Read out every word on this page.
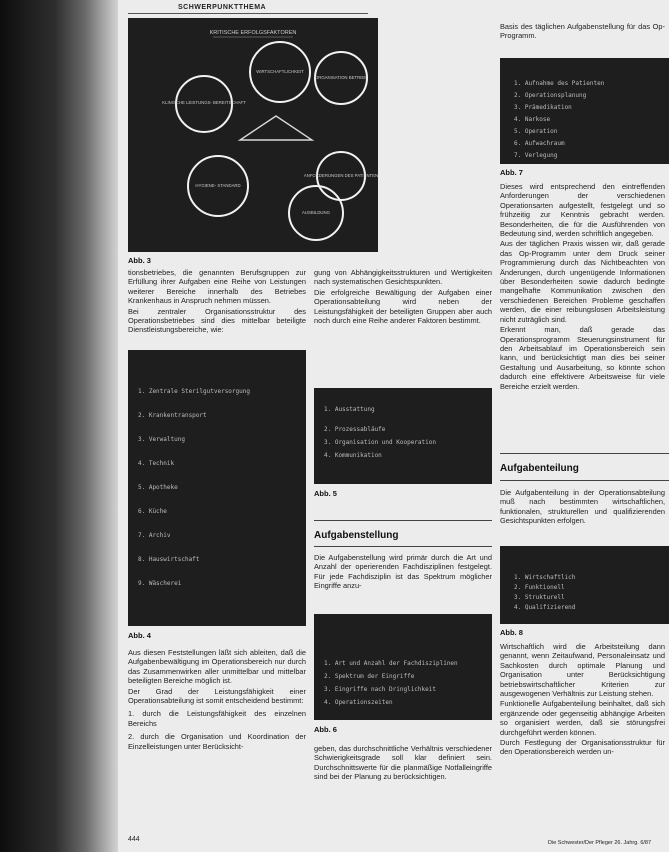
SCHWERPUNKTTHEMA
KRITISCHE ERFOLGSFAKTOREN
KLINISCHE LEISTUNGS- BEREITSCHAFT
WIRTSCHAFTLICHKEIT
ORGANISATION BETRIEB
ANFORDERUNGEN DES PATIENTEN
HYGIENE- STANDARD
AUSBILDUNG
Abb. 3

tionsbetriebes, die genannten Berufsgruppen zur Erfüllung ihrer Aufgaben eine Reihe von Leistungen weiterer Bereiche innerhalb des Betriebes Krankenhaus in Anspruch nehmen müssen.

Bei zentraler Organisationsstruktur des Operationsbetriebes sind dies mittelbar beteiligte Dienstleistungsbereiche, wie:

gung von Abhängigkeitsstrukturen und Wertigkeiten nach systematischen Gesichtspunkten.

Die erfolgreiche Bewältigung der Aufgaben einer Operationsabteilung wird neben der Leistungsfähigkeit der beteiligten Gruppen aber auch noch durch eine Reihe anderer Faktoren bestimmt.

1. Zentrale Sterilgutversorgung
2. Krankentransport
3. Verwaltung
4. Technik
5. Apotheke
6. Küche
7. Archiv
8. Hauswirtschaft
9. Wäscherei
Abb. 4
1. Ausstattung
2. Prozessabläufe
3. Organisation und Kooperation
4. Kommunikation
Abb. 5
Aufgabenstellung

Die Aufgabenstellung wird primär durch die Art und Anzahl der operierenden Fachdisziplinen festgelegt. Für jede Fachdisziplin ist das Spektrum möglicher Eingriffe anzu-

Aus diesen Feststellungen läßt sich ableiten, daß die Aufgabenbewältigung im Operationsbereich nur durch das Zusammenwirken aller unmittelbar und mittelbar beteiligten Bereiche möglich ist.

Der Grad der Leistungsfähigkeit einer Operationsabteilung ist somit entscheidend bestimmt:

1. durch die Leistungsfähigkeit des einzelnen Bereichs

2. durch die Organisation und Koordination der Einzelleistungen unter Berücksicht-

1. Art und Anzahl der Fachdisziplinen
2. Spektrum der Eingriffe
3. Eingriffe nach Dringlichkeit
4. Operationszeiten
Abb. 6

geben, das durchschnittliche Verhältnis verschiedener Schwierigkeitsgrade soll klar definiert sein. Durchschnittswerte für die planmäßige Notfalleingriffe sind bei der Planung zu berücksichtigen.

Basis des täglichen Aufgabenstellung für das Op-Programm.

1. Aufnahme des Patienten
2. Operationsplanung
3. Prämedikation
4. Narkose
5. Operation
6. Aufwachraum
7. Verlegung
Abb. 7

Dieses wird entsprechend den eintreffenden Anforderungen der verschiedenen Operationsarten aufgestellt, festgelegt und so frühzeitig zur Kenntnis gebracht werden. Besonderheiten, die für die Ausführenden von Bedeutung sind, werden schriftlich angegeben.

Aus der täglichen Praxis wissen wir, daß gerade das Op-Programm unter dem Druck seiner Programmierung durch das Nichtbeachten von Änderungen, durch ungenügende Informationen über Besonderheiten sowie dadurch bedingte mangelhafte Kommunikation zwischen den verschiedenen Bereichen Probleme geschaffen werden, die einer reibungslosen Arbeitsleistung nicht zuträglich sind.

Erkennt man, daß gerade das Operationsprogramm Steuerungsinstrument für den Arbeitsablauf im Operationsbereich sein kann, und berücksichtigt man dies bei seiner Gestaltung und Ausarbeitung, so könnte schon dadurch eine effektivere Arbeitsweise für viele Bereiche erzielt werden.

Aufgabenteilung

Die Aufgabenteilung in der Operationsabteilung muß nach bestimmten wirtschaftlichen, funktionalen, strukturellen und qualifizierenden Gesichtspunkten erfolgen.

1. Wirtschaftlich
2. Funktionell
3. Strukturell
4. Qualifizierend
Abb. 8

Wirtschaftlich wird die Arbeitsteilung dann genannt, wenn Zeitaufwand, Personaleinsatz und Sachkosten durch optimale Planung und Organisation unter Berücksichtigung betriebswirtschaftlicher Kriterien zur ausgewogenen Verhältnis zur Leistung stehen.

Funktionelle Aufgabenteilung beinhaltet, daß sich ergänzende oder gegenseitig abhängige Arbeiten so organisiert werden, daß sie störungsfrei durchgeführt werden können.

Durch Festlegung der Organisationsstruktur für den Operationsbereich werden un-

444	Die Schwester/Der Pfleger 26. Jahrg. 6/87
